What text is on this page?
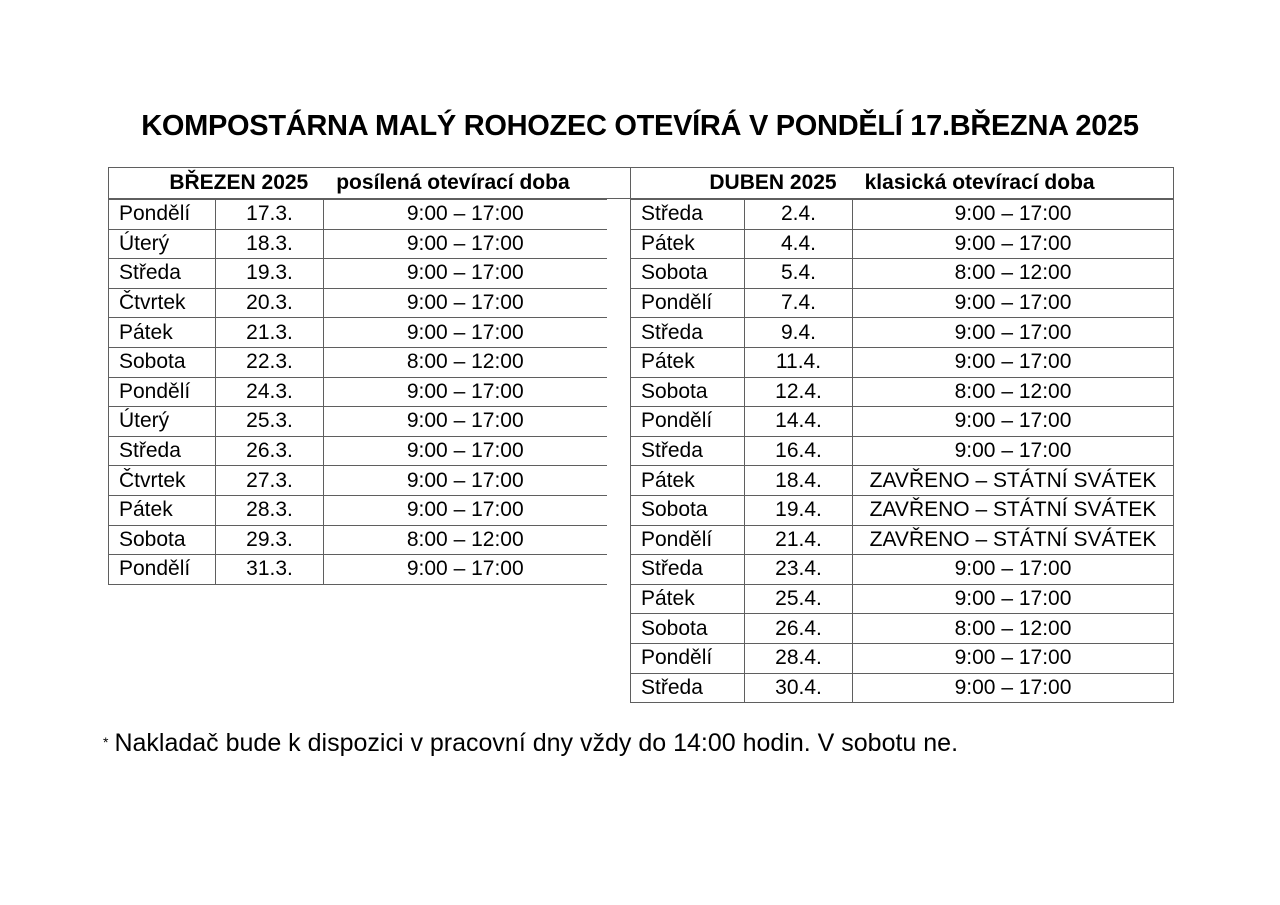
KOMPOSTÁRNA MALÝ ROHOZEC OTEVÍRÁ V PONDĚLÍ 17.BŘEZNA 2025
BŘEZEN 2025 posílená otevírací doba	DUBEN 2025 klasická otevírací doba
Pondělí	17.3.	9:00 – 17:00
Úterý	18.3.	9:00 – 17:00
Středa	19.3.	9:00 – 17:00
Čtvrtek	20.3.	9:00 – 17:00
Pátek	21.3.	9:00 – 17:00
Sobota	22.3.	8:00 – 12:00
Pondělí	24.3.	9:00 – 17:00
Úterý	25.3.	9:00 – 17:00
Středa	26.3.	9:00 – 17:00
Čtvrtek	27.3.	9:00 – 17:00
Pátek	28.3.	9:00 – 17:00
Sobota	29.3.	8:00 – 12:00
Pondělí	31.3.	9:00 – 17:00
Středa	2.4.	9:00 – 17:00
Pátek	4.4.	9:00 – 17:00
Sobota	5.4.	8:00 – 12:00
Pondělí	7.4.	9:00 – 17:00
Středa	9.4.	9:00 – 17:00
Pátek	11.4.	9:00 – 17:00
Sobota	12.4.	8:00 – 12:00
Pondělí	14.4.	9:00 – 17:00
Středa	16.4.	9:00 – 17:00
Pátek	18.4.	ZAVŘENO – STÁTNÍ SVÁTEK
Sobota	19.4.	ZAVŘENO – STÁTNÍ SVÁTEK
Pondělí	21.4.	ZAVŘENO – STÁTNÍ SVÁTEK
Středa	23.4.	9:00 – 17:00
Pátek	25.4.	9:00 – 17:00
Sobota	26.4.	8:00 – 12:00
Pondělí	28.4.	9:00 – 17:00
Středa	30.4.	9:00 – 17:00
* Nakladač bude k dispozici v pracovní dny vždy do 14:00 hodin. V sobotu ne.
